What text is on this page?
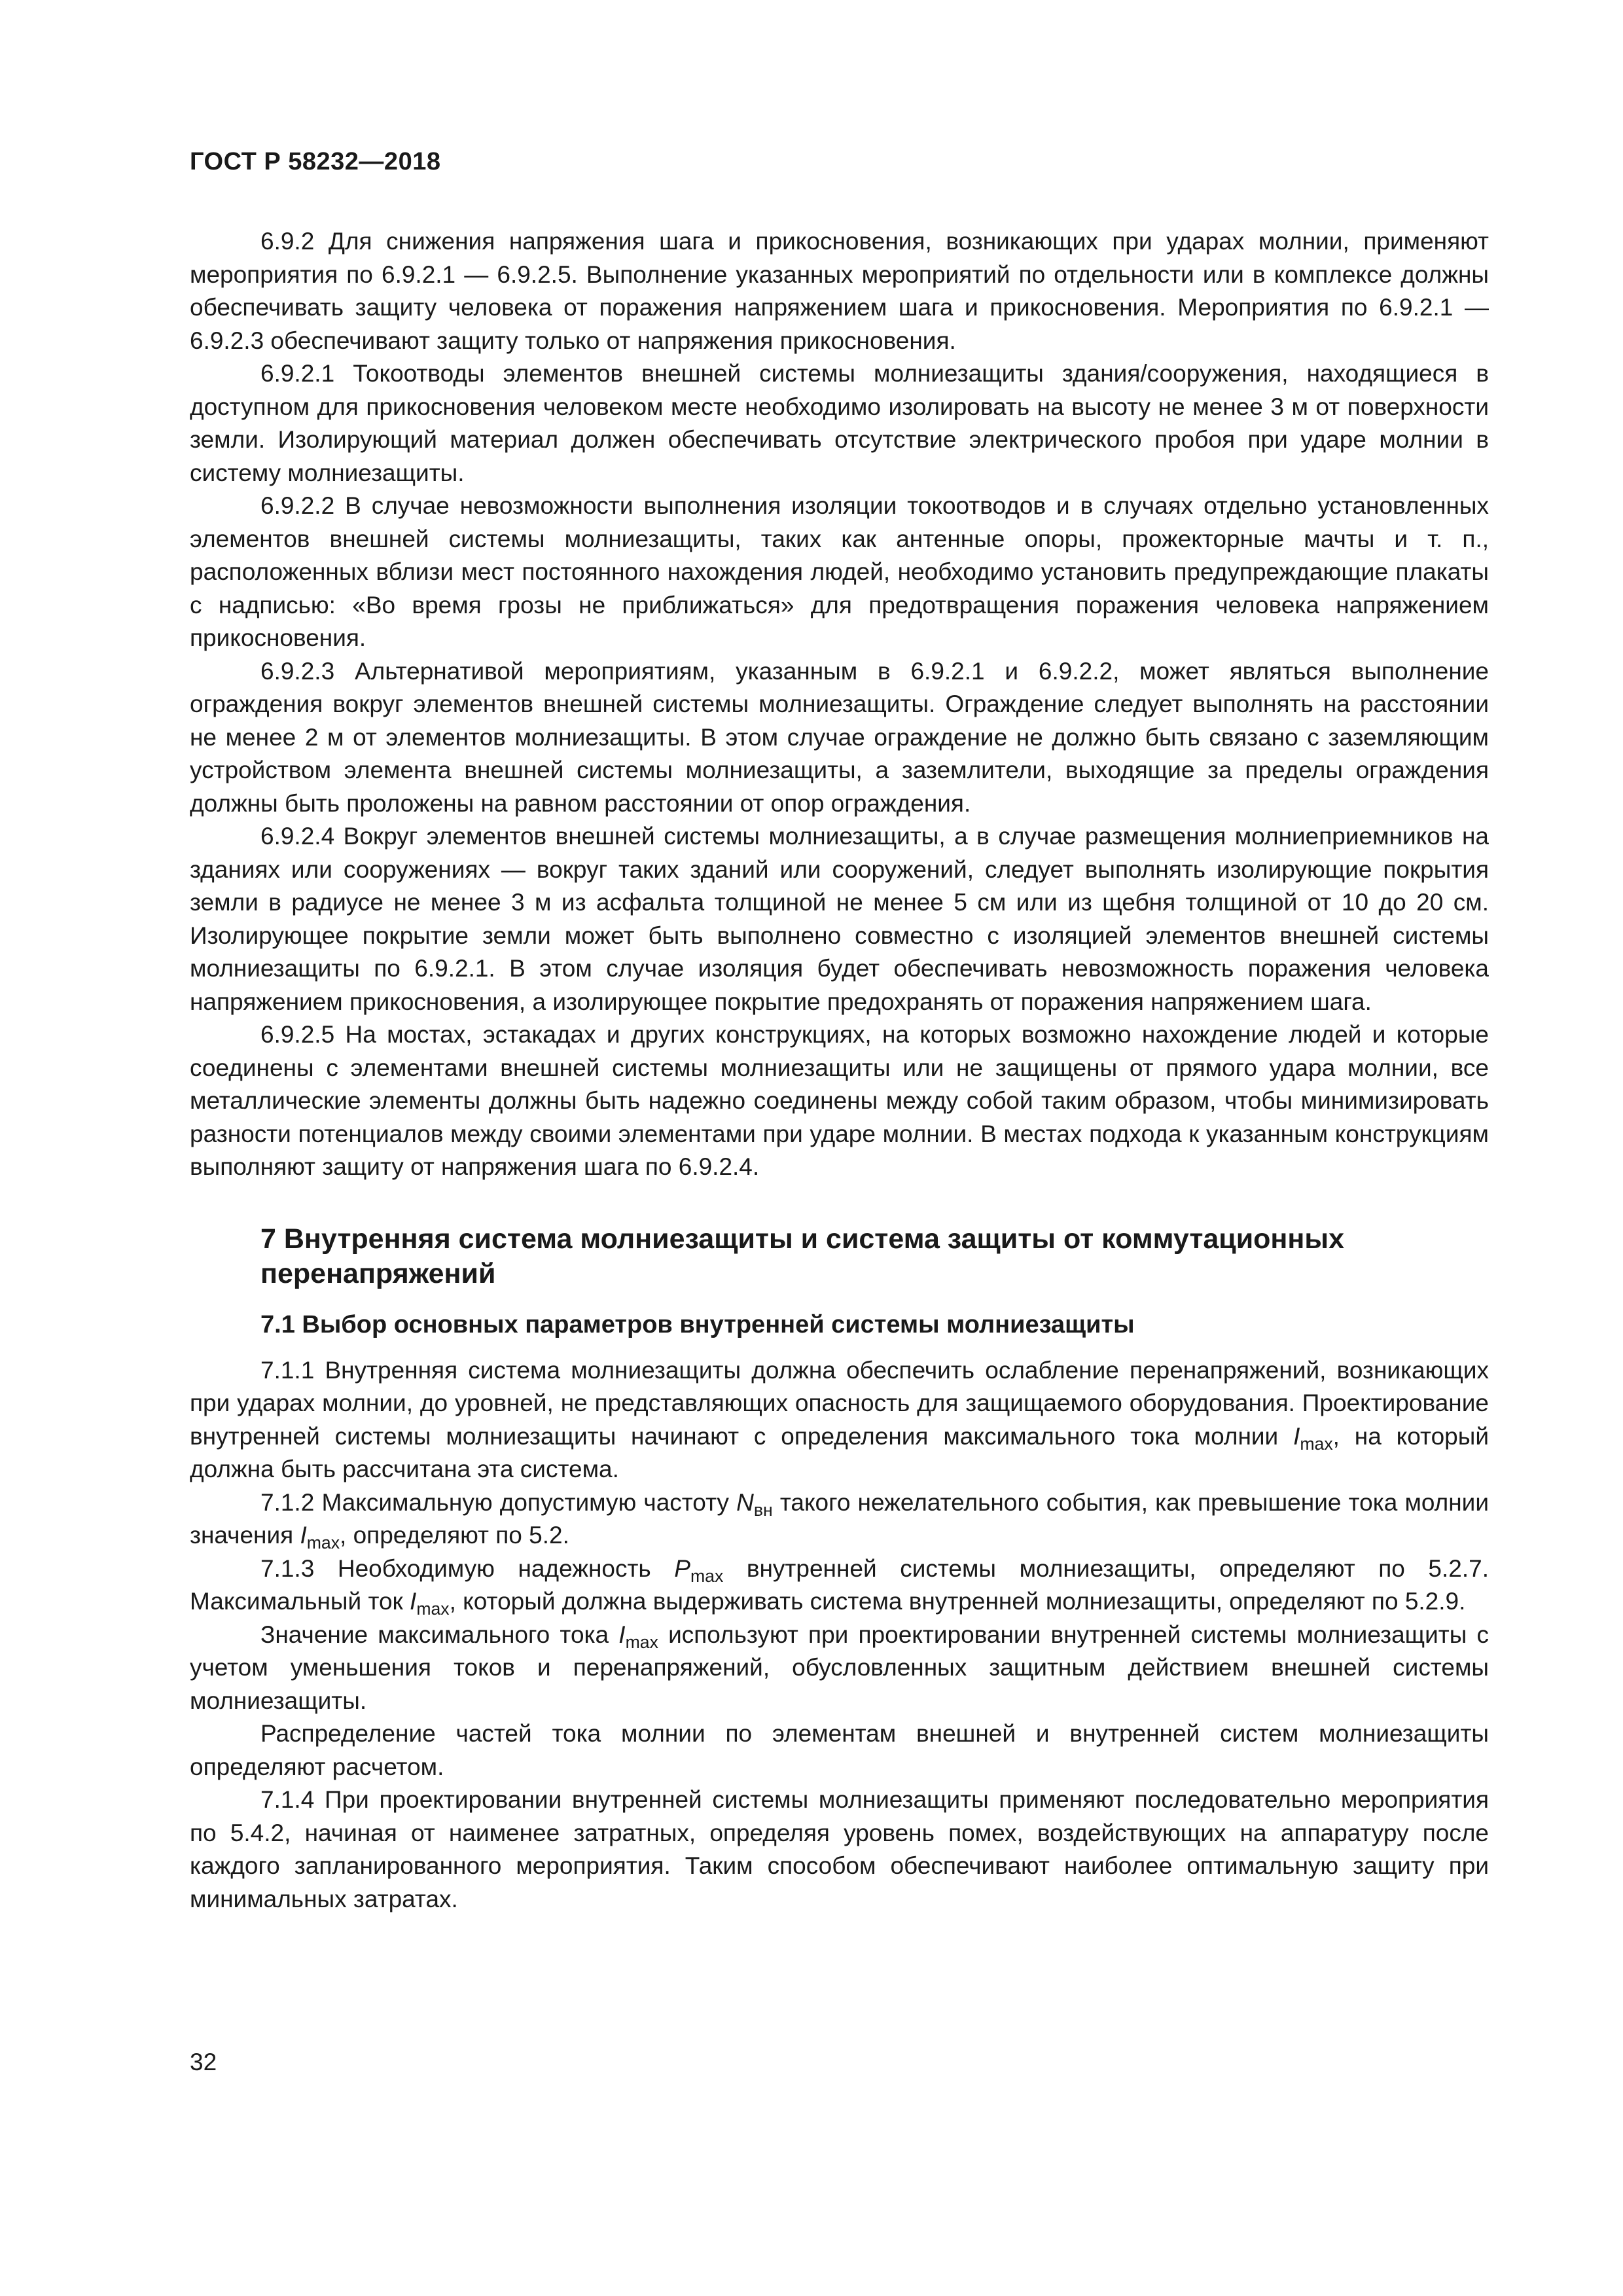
ГОСТ Р 58232—2018

6.9.2 Для снижения напряжения шага и прикосновения, возникающих при ударах молнии, применяют мероприятия по 6.9.2.1 — 6.9.2.5. Выполнение указанных мероприятий по отдельности или в комплексе должны обеспечивать защиту человека от поражения напряжением шага и прикосновения. Мероприятия по 6.9.2.1 — 6.9.2.3 обеспечивают защиту только от напряжения прикосновения.

6.9.2.1 Токоотводы элементов внешней системы молниезащиты здания/сооружения, находящиеся в доступном для прикосновения человеком месте необходимо изолировать на высоту не менее 3 м от поверхности земли. Изолирующий материал должен обеспечивать отсутствие электрического пробоя при ударе молнии в систему молниезащиты.

6.9.2.2 В случае невозможности выполнения изоляции токоотводов и в случаях отдельно установленных элементов внешней системы молниезащиты, таких как антенные опоры, прожекторные мачты и т. п., расположенных вблизи мест постоянного нахождения людей, необходимо установить предупреждающие плакаты с надписью: «Во время грозы не приближаться» для предотвращения поражения человека напряжением прикосновения.

6.9.2.3 Альтернативой мероприятиям, указанным в 6.9.2.1 и 6.9.2.2, может являться выполнение ограждения вокруг элементов внешней системы молниезащиты. Ограждение следует выполнять на расстоянии не менее 2 м от элементов молниезащиты. В этом случае ограждение не должно быть связано с заземляющим устройством элемента внешней системы молниезащиты, а заземлители, выходящие за пределы ограждения должны быть проложены на равном расстоянии от опор ограждения.

6.9.2.4 Вокруг элементов внешней системы молниезащиты, а в случае размещения молниеприемников на зданиях или сооружениях — вокруг таких зданий или сооружений, следует выполнять изолирующие покрытия земли в радиусе не менее 3 м из асфальта толщиной не менее 5 см или из щебня толщиной от 10 до 20 см. Изолирующее покрытие земли может быть выполнено совместно с изоляцией элементов внешней системы молниезащиты по 6.9.2.1. В этом случае изоляция будет обеспечивать невозможность поражения человека напряжением прикосновения, а изолирующее покрытие предохранять от поражения напряжением шага.

6.9.2.5 На мостах, эстакадах и других конструкциях, на которых возможно нахождение людей и которые соединены с элементами внешней системы молниезащиты или не защищены от прямого удара молнии, все металлические элементы должны быть надежно соединены между собой таким образом, чтобы минимизировать разности потенциалов между своими элементами при ударе молнии. В местах подхода к указанным конструкциям выполняют защиту от напряжения шага по 6.9.2.4.

7 Внутренняя система молниезащиты и система защиты от коммутационных перенапряжений
7.1 Выбор основных параметров внутренней системы молниезащиты

7.1.1 Внутренняя система молниезащиты должна обеспечить ослабление перенапряжений, возникающих при ударах молнии, до уровней, не представляющих опасность для защищаемого оборудования. Проектирование внутренней системы молниезащиты начинают с определения максимального тока молнии $I_{max}$, на который должна быть рассчитана эта система.

7.1.2 Максимальную допустимую частоту $N_{вн}$ такого нежелательного события, как превышение тока молнии значения $I_{max}$, определяют по 5.2.

7.1.3 Необходимую надежность $P_{max}$ внутренней системы молниезащиты, определяют по 5.2.7. Максимальный ток $I_{max}$, который должна выдерживать система внутренней молниезащиты, определяют по 5.2.9.

Значение максимального тока $I_{max}$ используют при проектировании внутренней системы молниезащиты с учетом уменьшения токов и перенапряжений, обусловленных защитным действием внешней системы молниезащиты.

Распределение частей тока молнии по элементам внешней и внутренней систем молниезащиты определяют расчетом.

7.1.4 При проектировании внутренней системы молниезащиты применяют последовательно мероприятия по 5.4.2, начиная от наименее затратных, определяя уровень помех, воздействующих на аппаратуру после каждого запланированного мероприятия. Таким способом обеспечивают наиболее оптимальную защиту при минимальных затратах.

32
